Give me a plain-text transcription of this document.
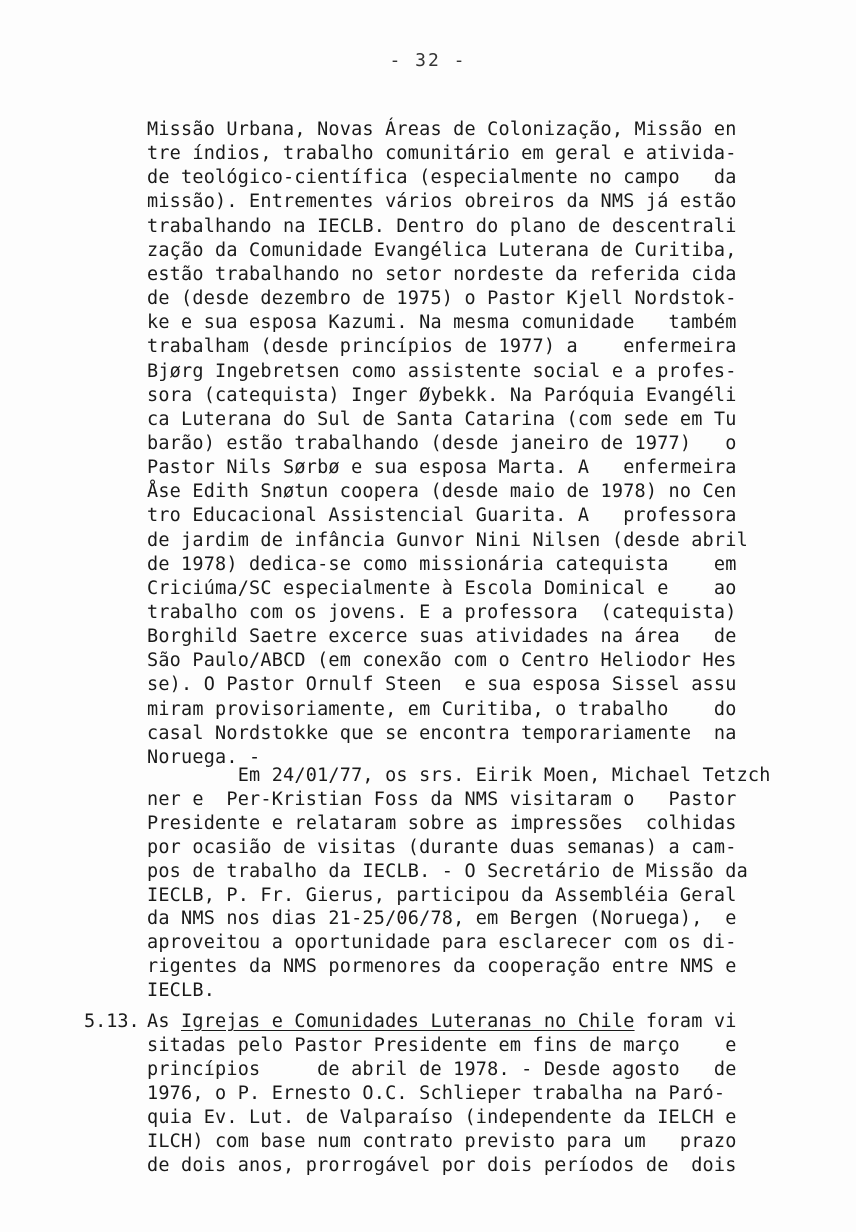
- 32 -
Missão Urbana, Novas Áreas de Colonização, Missão en
tre índios, trabalho comunitário em geral e ativida-
de teológico-científica (especialmente no campo   da
missão). Entrementes vários obreiros da NMS já estão
trabalhando na IECLB. Dentro do plano de descentrali
zação da Comunidade Evangélica Luterana de Curitiba,
estão trabalhando no setor nordeste da referida cida
de (desde dezembro de 1975) o Pastor Kjell Nordstok-
ke e sua esposa Kazumi. Na mesma comunidade   também
trabalham (desde princípios de 1977) a    enfermeira
Bjørg Ingebretsen como assistente social e a profes-
sora (catequista) Inger Øybekk. Na Paróquia Evangéli
ca Luterana do Sul de Santa Catarina (com sede em Tu
barão) estão trabalhando (desde janeiro de 1977)   o
Pastor Nils Sørbø e sua esposa Marta. A   enfermeira
Åse Edith Snøtun coopera (desde maio de 1978) no Cen
tro Educacional Assistencial Guarita. A   professora
de jardim de infância Gunvor Nini Nilsen (desde abril
de 1978) dedica-se como missionária catequista    em
Criciúma/SC especialmente à Escola Dominical e    ao
trabalho com os jovens. E a professora  (catequista)
Borghild Saetre excerce suas atividades na área   de
São Paulo/ABCD (em conexão com o Centro Heliodor Hes
se). O Pastor Ornulf Steen  e sua esposa Sissel assu
miram provisoriamente, em Curitiba, o trabalho    do
casal Nordstokke que se encontra temporariamente  na
Noruega. -
Em 24/01/77, os srs. Eirik Moen, Michael Tetzch
ner e  Per-Kristian Foss da NMS visitaram o   Pastor
Presidente e relataram sobre as impressões  colhidas
por ocasião de visitas (durante duas semanas) a cam-
pos de trabalho da IECLB. - O Secretário de Missão da
IECLB, P. Fr. Gierus, participou da Assembléia Geral
da NMS nos dias 21-25/06/78, em Bergen (Noruega),  e
aproveitou a oportunidade para esclarecer com os di-
rigentes da NMS pormenores da cooperação entre NMS e
IECLB.
5.13. As Igrejas e Comunidades Luteranas no Chile foram vi
sitadas pelo Pastor Presidente em fins de março    e
princípios     de abril de 1978. - Desde agosto   de
1976, o P. Ernesto O.C. Schlieper trabalha na Paró-
quia Ev. Lut. de Valparaíso (independente da IELCH e
ILCH) com base num contrato previsto para um   prazo
de dois anos, prorrogável por dois períodos de  dois
